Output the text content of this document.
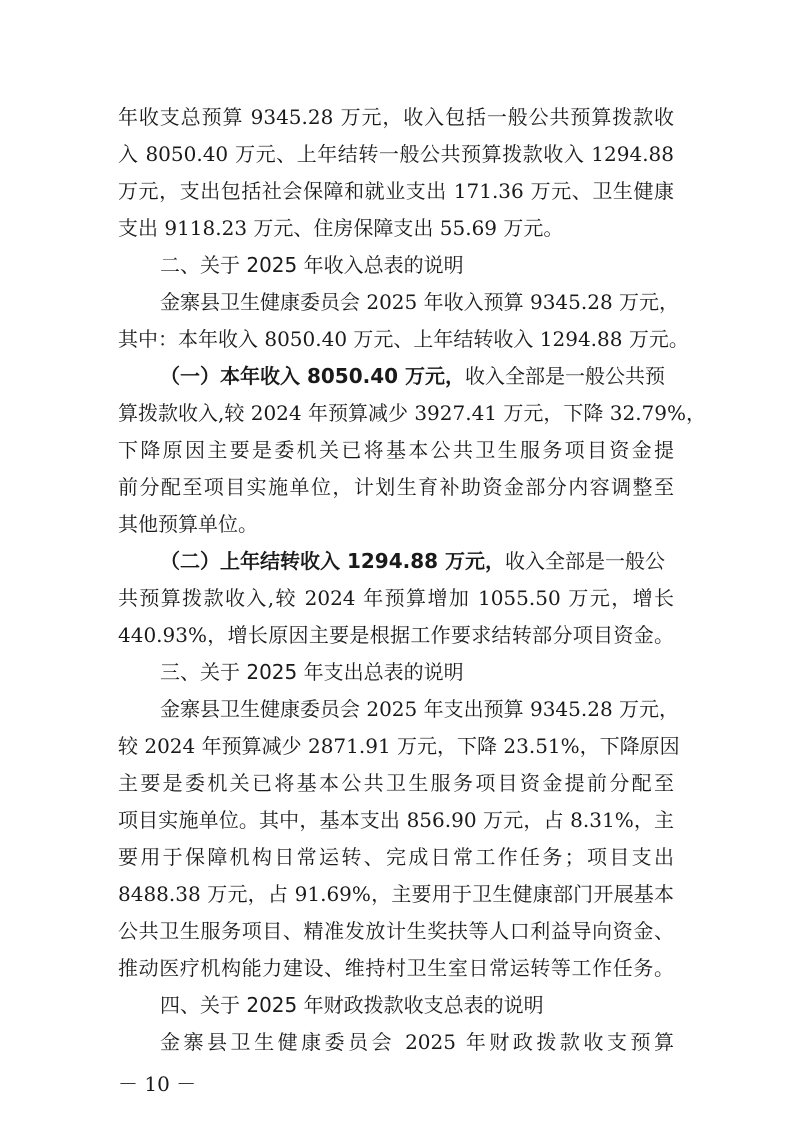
年收支总预算 9345.28 万元，收入包括一般公共预算拨款收
入 8050.40 万元、上年结转一般公共预算拨款收入 1294.88
万元，支出包括社会保障和就业支出 171.36 万元、卫生健康
支出 9118.23 万元、住房保障支出 55.69 万元。
二、关于 2025 年收入总表的说明
金寨县卫生健康委员会 2025 年收入预算 9345.28 万元，
其中：本年收入 8050.40 万元、上年结转收入 1294.88 万元。
（一）本年收入 8050.40 万元，收入全部是一般公共预
算拨款收入,较 2024 年预算减少 3927.41 万元，下降 32.79%，
下降原因主要是委机关已将基本公共卫生服务项目资金提
前分配至项目实施单位，计划生育补助资金部分内容调整至
其他预算单位。
（二）上年结转收入 1294.88 万元，收入全部是一般公
共预算拨款收入,较 2024 年预算增加 1055.50 万元，增长
440.93%，增长原因主要是根据工作要求结转部分项目资金。
三、关于 2025 年支出总表的说明
金寨县卫生健康委员会 2025 年支出预算 9345.28 万元，
较 2024 年预算减少 2871.91 万元，下降 23.51%，下降原因
主要是委机关已将基本公共卫生服务项目资金提前分配至
项目实施单位。其中，基本支出 856.90 万元，占 8.31%，主
要用于保障机构日常运转、完成日常工作任务；项目支出
8488.38 万元，占 91.69%，主要用于卫生健康部门开展基本
公共卫生服务项目、精准发放计生奖扶等人口利益导向资金、
推动医疗机构能力建设、维持村卫生室日常运转等工作任务。
四、关于 2025 年财政拨款收支总表的说明
金寨县卫生健康委员会 2025 年财政拨款收支预算
－ 10 －
